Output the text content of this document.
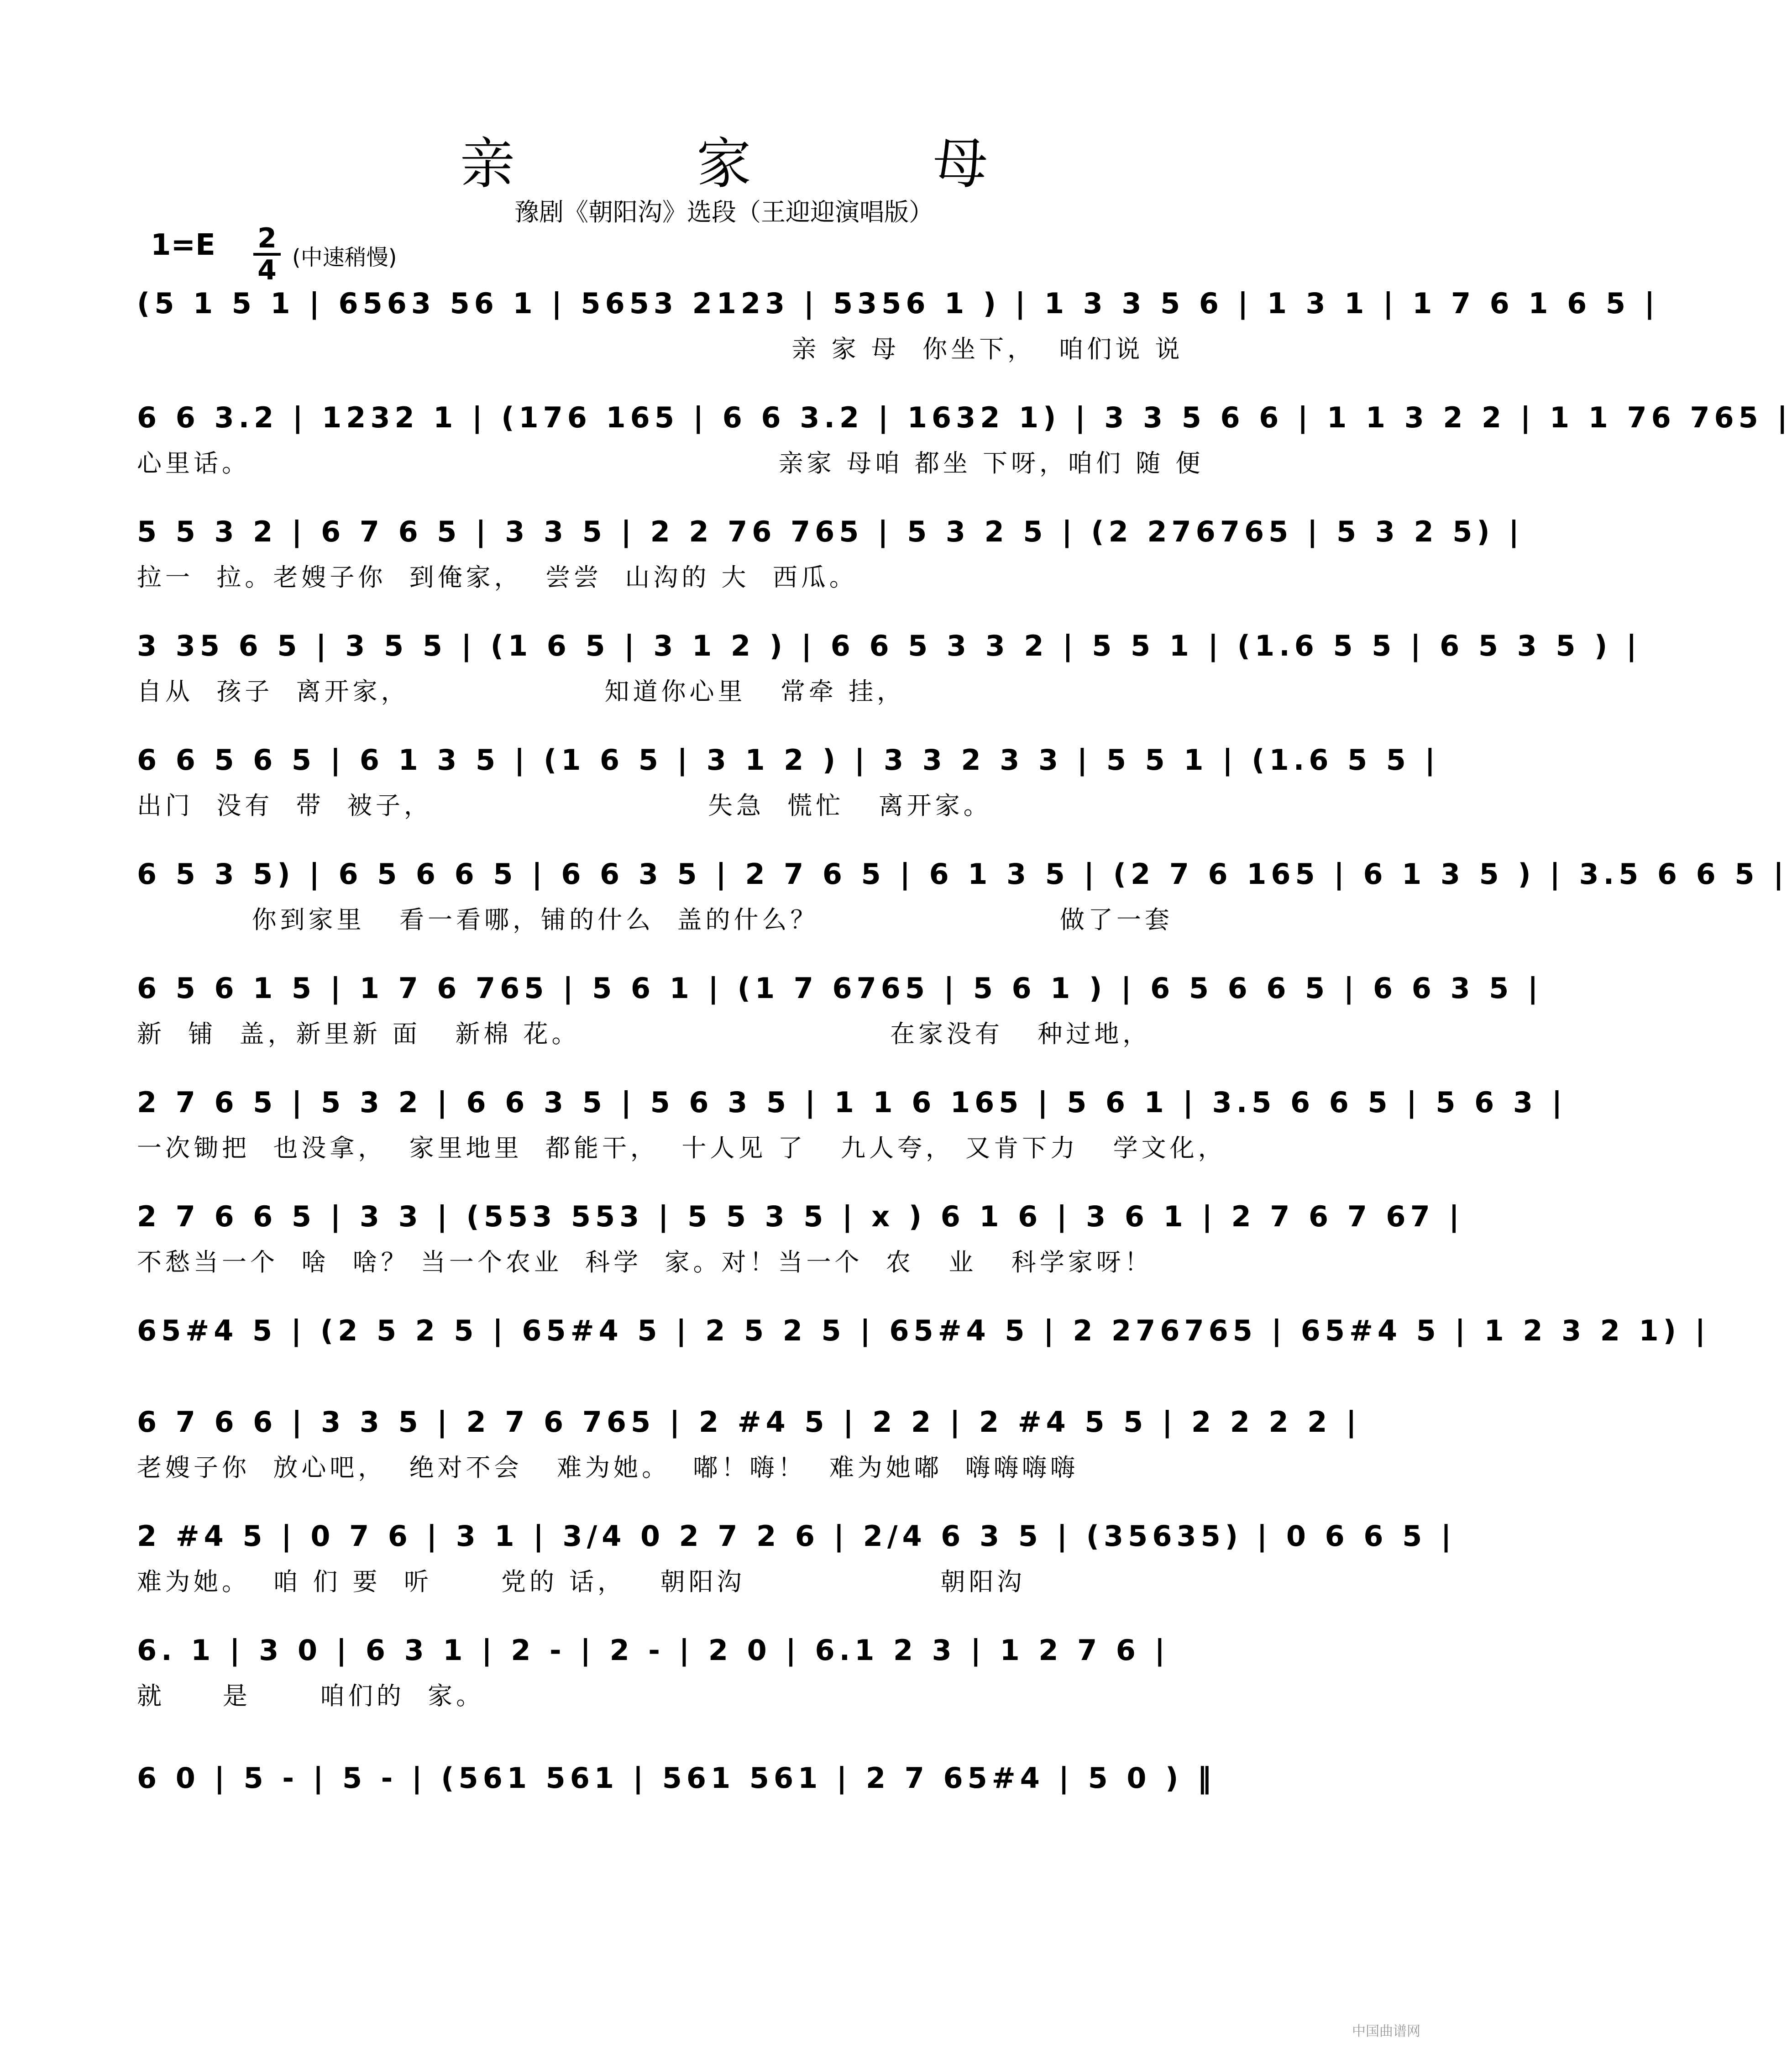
亲 家 母
豫剧《朝阳沟》选段（王迎迎演唱版）
1=E 2
4 (中速稍慢)
(5 1 5 1 | 6563 56 1 | 5653 2123 | 5356 1 ) | 1 3 3 5 6 | 1 3 1 | 1 7 6 1 6 5 |
亲 家 母  你坐下，  咱们说 说
6 6 3.2 | 1232 1 | (176 165 | 6 6 3.2 | 1632 1) | 3 3 5 6 6 | 1 1 3 2 2 | 1 1 76 765 |
心里话。                                              亲家 母咱 都坐 下呀，咱们 随 便
5 5 3 2 | 6 7 6 5 | 3 3 5 | 2 2 76 765 | 5 3 2 5 | (2 276765 | 5 3 2 5) |
拉一  拉。老嫂子你  到俺家，  尝尝  山沟的 大  西瓜。
3 35 6 5 | 3 5 5 | (1 6 5 | 3 1 2 ) | 6 6 5 3 3 2 | 5 5 1 | (1.6 5 5 | 6 5 3 5 ) |
自从  孩子  离开家，                 知道你心里   常牵 挂，
6 6 5 6 5 | 6 1 3 5 | (1 6 5 | 3 1 2 ) | 3 3 2 3 3 | 5 5 1 | (1.6 5 5 |
出门  没有  带  被子，                        失急  慌忙   离开家。
6 5 3 5) | 6 5 6 6 5 | 6 6 3 5 | 2 7 6 5 | 6 1 3 5 | (2 7 6 165 | 6 1 3 5 ) | 3.5 6 6 5 |
你到家里   看一看哪，铺的什么  盖的什么？                     做了一套
6 5 6 1 5 | 1 7 6 765 | 5 6 1 | (1 7 6765 | 5 6 1 ) | 6 5 6 6 5 | 6 6 3 5 |
新  铺  盖，新里新 面   新棉 花。                           在家没有   种过地，
2 7 6 5 | 5 3 2 | 6 6 3 5 | 5 6 3 5 | 1 1 6 165 | 5 6 1 | 3.5 6 6 5 | 5 6 3 |
一次锄把  也没拿，  家里地里  都能干，  十人见 了   九人夸， 又肯下力   学文化，
2 7 6 6 5 | 3 3 | (553 553 | 5 5 3 5 | x ) 6 1 6 | 3 6 1 | 2 7 6 7 67 |
不愁当一个  啥  啥？ 当一个农业  科学  家。对！当一个  农   业   科学家呀！
65#4 5 | (2 5 2 5 | 65#4 5 | 2 5 2 5 | 65#4 5 | 2 276765 | 65#4 5 | 1 2 3 2 1) |
6 7 6 6 | 3 3 5 | 2 7 6 765 | 2 #4 5 | 2 2 | 2 #4 5 5 | 2 2 2 2 |
老嫂子你  放心吧，  绝对不会   难为她。  嘟！嗨！  难为她嘟  嗨嗨嗨嗨
2 #4 5 | 0 7 6 | 3 1 | 3/4 0 2 7 2 6 | 2/4 6 3 5 | (35635) | 0 6 6 5 |
难为她。  咱 们 要  听      党的 话，   朝阳沟                 朝阳沟
6. 1 | 3 0 | 6 3 1 | 2 - | 2 - | 2 0 | 6.1 2 3 | 1 2 7 6 |
就     是      咱们的  家。
6 0 | 5 - | 5 - | (561 561 | 561 561 | 2 7 65#4 | 5 0 ) ‖
中国曲谱网
